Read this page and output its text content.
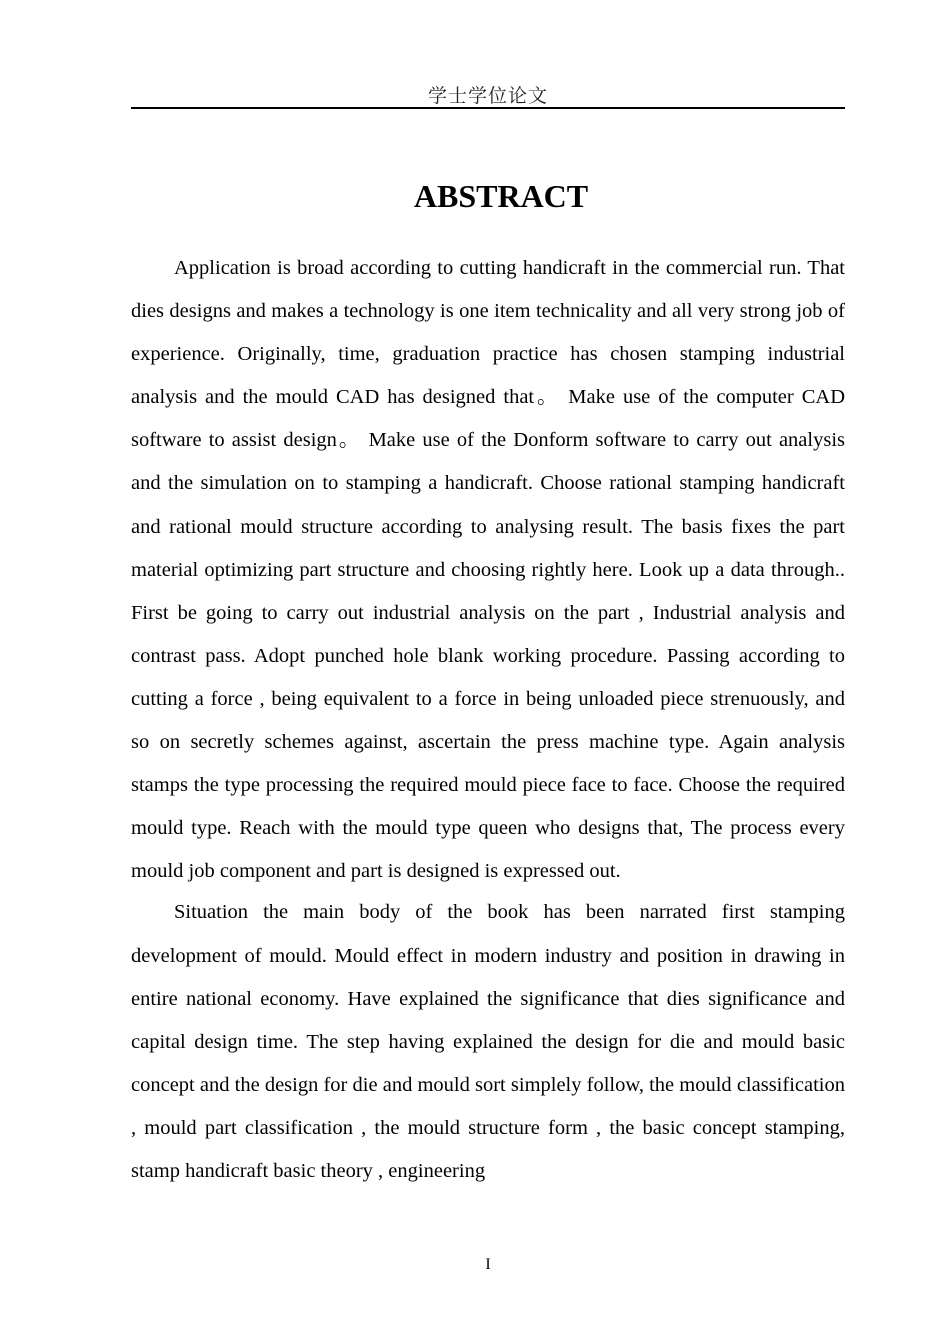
学士学位论文
ABSTRACT

Application is broad according to cutting handicraft in the commercial run. That dies designs and makes a technology is one item technicality and all very strong job of experience. Originally, time, graduation practice has chosen stamping industrial analysis and the mould CAD has designed that。 Make use of the computer CAD software to assist design。 Make use of the Donform software to carry out analysis and the simulation on to stamping a handicraft. Choose rational stamping handicraft and rational mould structure according to analysing result. The basis fixes the part material optimizing part structure and choosing rightly here. Look up a data through.. First be going to carry out industrial analysis on the part , Industrial analysis and contrast pass. Adopt punched hole blank working procedure. Passing according to cutting a force , being equivalent to a force in being unloaded piece strenuously, and so on secretly schemes against, ascertain the press machine type. Again analysis stamps the type processing the required mould piece face to face. Choose the required mould type. Reach with the mould type queen who designs that, The process every mould job component and part is designed is expressed out.

Situation the main body of the book has been narrated first stamping development of mould. Mould effect in modern industry and position in drawing in entire national economy. Have explained the significance that dies significance and capital design time. The step having explained the design for die and mould basic concept and the design for die and mould sort simplely follow, the mould classification , mould part classification , the mould structure form , the basic concept stamping, stamp handicraft basic theory , engineering

I
